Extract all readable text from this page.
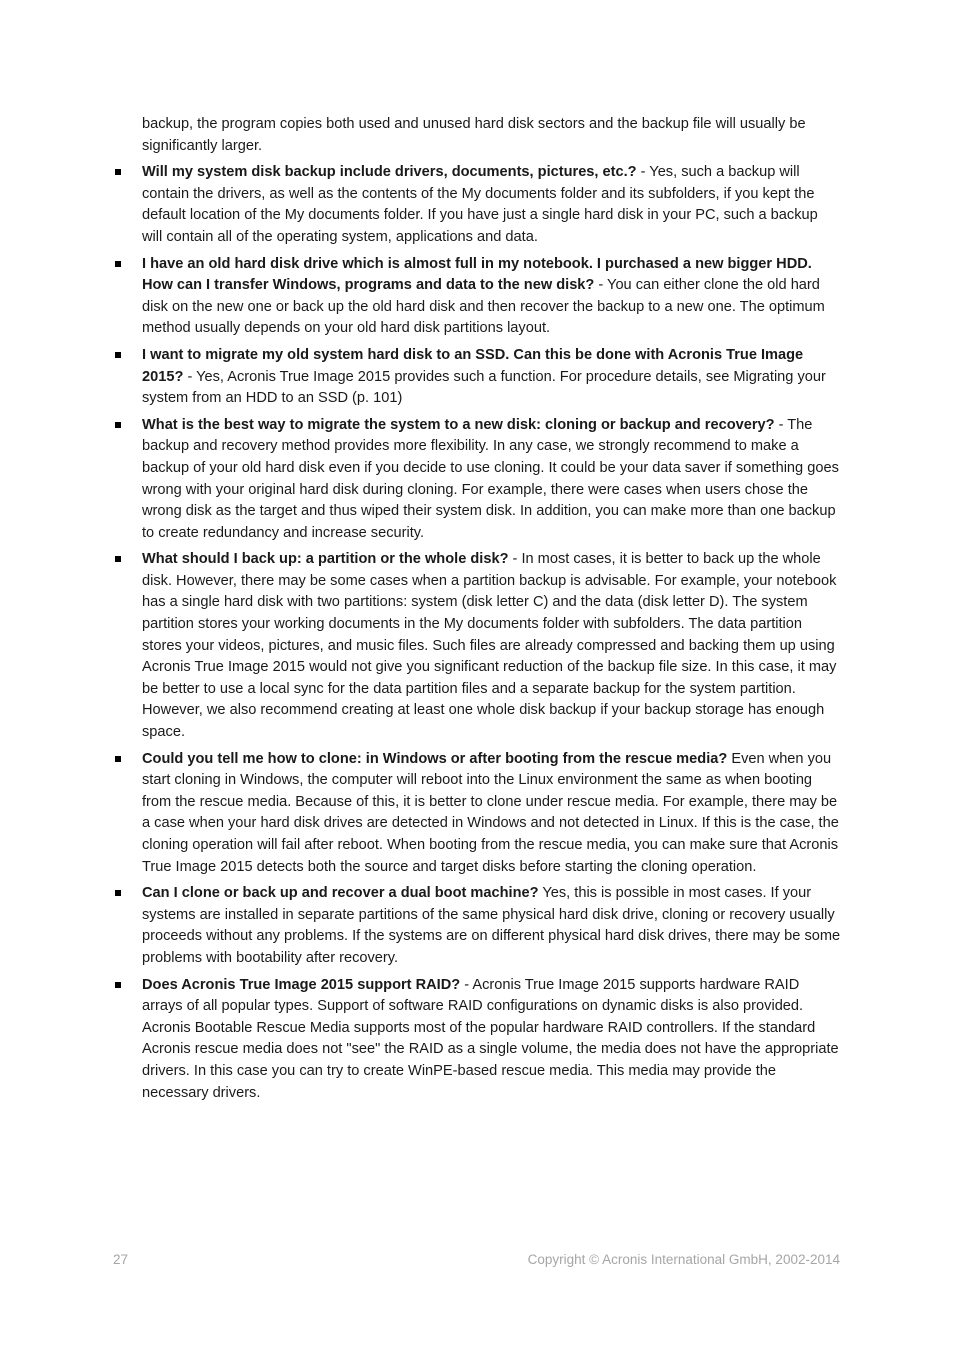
backup, the program copies both used and unused hard disk sectors and the backup file will usually be significantly larger.

Will my system disk backup include drivers, documents, pictures, etc.? - Yes, such a backup will contain the drivers, as well as the contents of the My documents folder and its subfolders, if you kept the default location of the My documents folder. If you have just a single hard disk in your PC, such a backup will contain all of the operating system, applications and data.
I have an old hard disk drive which is almost full in my notebook. I purchased a new bigger HDD. How can I transfer Windows, programs and data to the new disk? - You can either clone the old hard disk on the new one or back up the old hard disk and then recover the backup to a new one. The optimum method usually depends on your old hard disk partitions layout.
I want to migrate my old system hard disk to an SSD. Can this be done with Acronis True Image 2015? - Yes, Acronis True Image 2015 provides such a function. For procedure details, see Migrating your system from an HDD to an SSD (p. 101)
What is the best way to migrate the system to a new disk: cloning or backup and recovery? - The backup and recovery method provides more flexibility. In any case, we strongly recommend to make a backup of your old hard disk even if you decide to use cloning. It could be your data saver if something goes wrong with your original hard disk during cloning. For example, there were cases when users chose the wrong disk as the target and thus wiped their system disk. In addition, you can make more than one backup to create redundancy and increase security.
What should I back up: a partition or the whole disk? - In most cases, it is better to back up the whole disk. However, there may be some cases when a partition backup is advisable. For example, your notebook has a single hard disk with two partitions: system (disk letter C) and the data (disk letter D). The system partition stores your working documents in the My documents folder with subfolders. The data partition stores your videos, pictures, and music files. Such files are already compressed and backing them up using Acronis True Image 2015 would not give you significant reduction of the backup file size. In this case, it may be better to use a local sync for the data partition files and a separate backup for the system partition. However, we also recommend creating at least one whole disk backup if your backup storage has enough space.
Could you tell me how to clone: in Windows or after booting from the rescue media? Even when you start cloning in Windows, the computer will reboot into the Linux environment the same as when booting from the rescue media. Because of this, it is better to clone under rescue media. For example, there may be a case when your hard disk drives are detected in Windows and not detected in Linux. If this is the case, the cloning operation will fail after reboot. When booting from the rescue media, you can make sure that Acronis True Image 2015 detects both the source and target disks before starting the cloning operation.
Can I clone or back up and recover a dual boot machine? Yes, this is possible in most cases. If your systems are installed in separate partitions of the same physical hard disk drive, cloning or recovery usually proceeds without any problems. If the systems are on different physical hard disk drives, there may be some problems with bootability after recovery.
Does Acronis True Image 2015 support RAID? - Acronis True Image 2015 supports hardware RAID arrays of all popular types. Support of software RAID configurations on dynamic disks is also provided. Acronis Bootable Rescue Media supports most of the popular hardware RAID controllers. If the standard Acronis rescue media does not "see" the RAID as a single volume, the media does not have the appropriate drivers. In this case you can try to create WinPE-based rescue media. This media may provide the necessary drivers.
27	Copyright © Acronis International GmbH, 2002-2014
